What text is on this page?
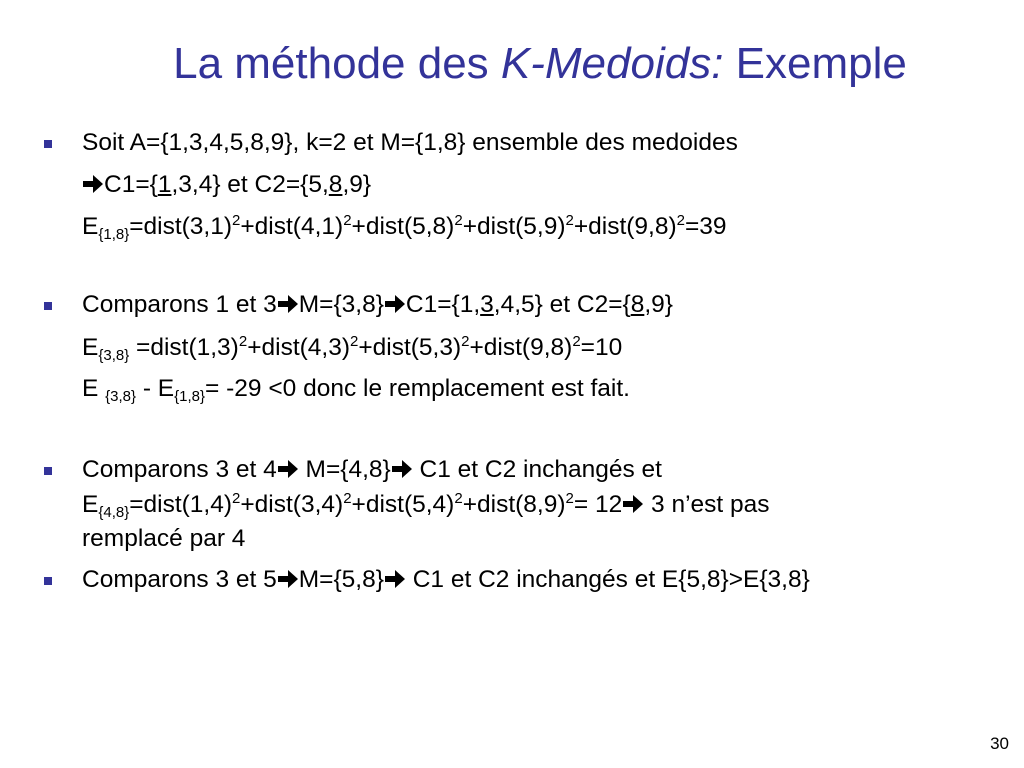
La méthode des K-Medoids: Exemple
Soit A={1,3,4,5,8,9}, k=2 et M={1,8} ensemble des medoides
C1={1,3,4} et C2={5,8,9}
$E_{\{1,8\}}=dist(3,1)^2+dist(4,1)^2+dist(5,8)^2+dist(5,9)^2+dist(9,8)^2=39$
Comparons 1 et 3 M={3,8} C1={1,3,4,5} et C2={8,9}
$E_{\{3,8\}}$ $=dist(1,3)^2+dist(4,3)^2+dist(5,3)^2+dist(9,8)^2=10$
E $_{\{3,8\}} - E_{\{1,8\}}= -29 <0$ donc le remplacement est fait.
Comparons 3 et 4
M={4,8}
C1 et C2 inchangés et
$E_{\{4,8\}}=dist(1,4)^2+dist(3,4)^2+dist(5,4)^2+dist(8,9)^2= 12$
3 n’est pas
remplacé par 4
Comparons 3 et 5 M={5,8}
C1 et C2 inchangés et E{5,8}>E{3,8}
30
